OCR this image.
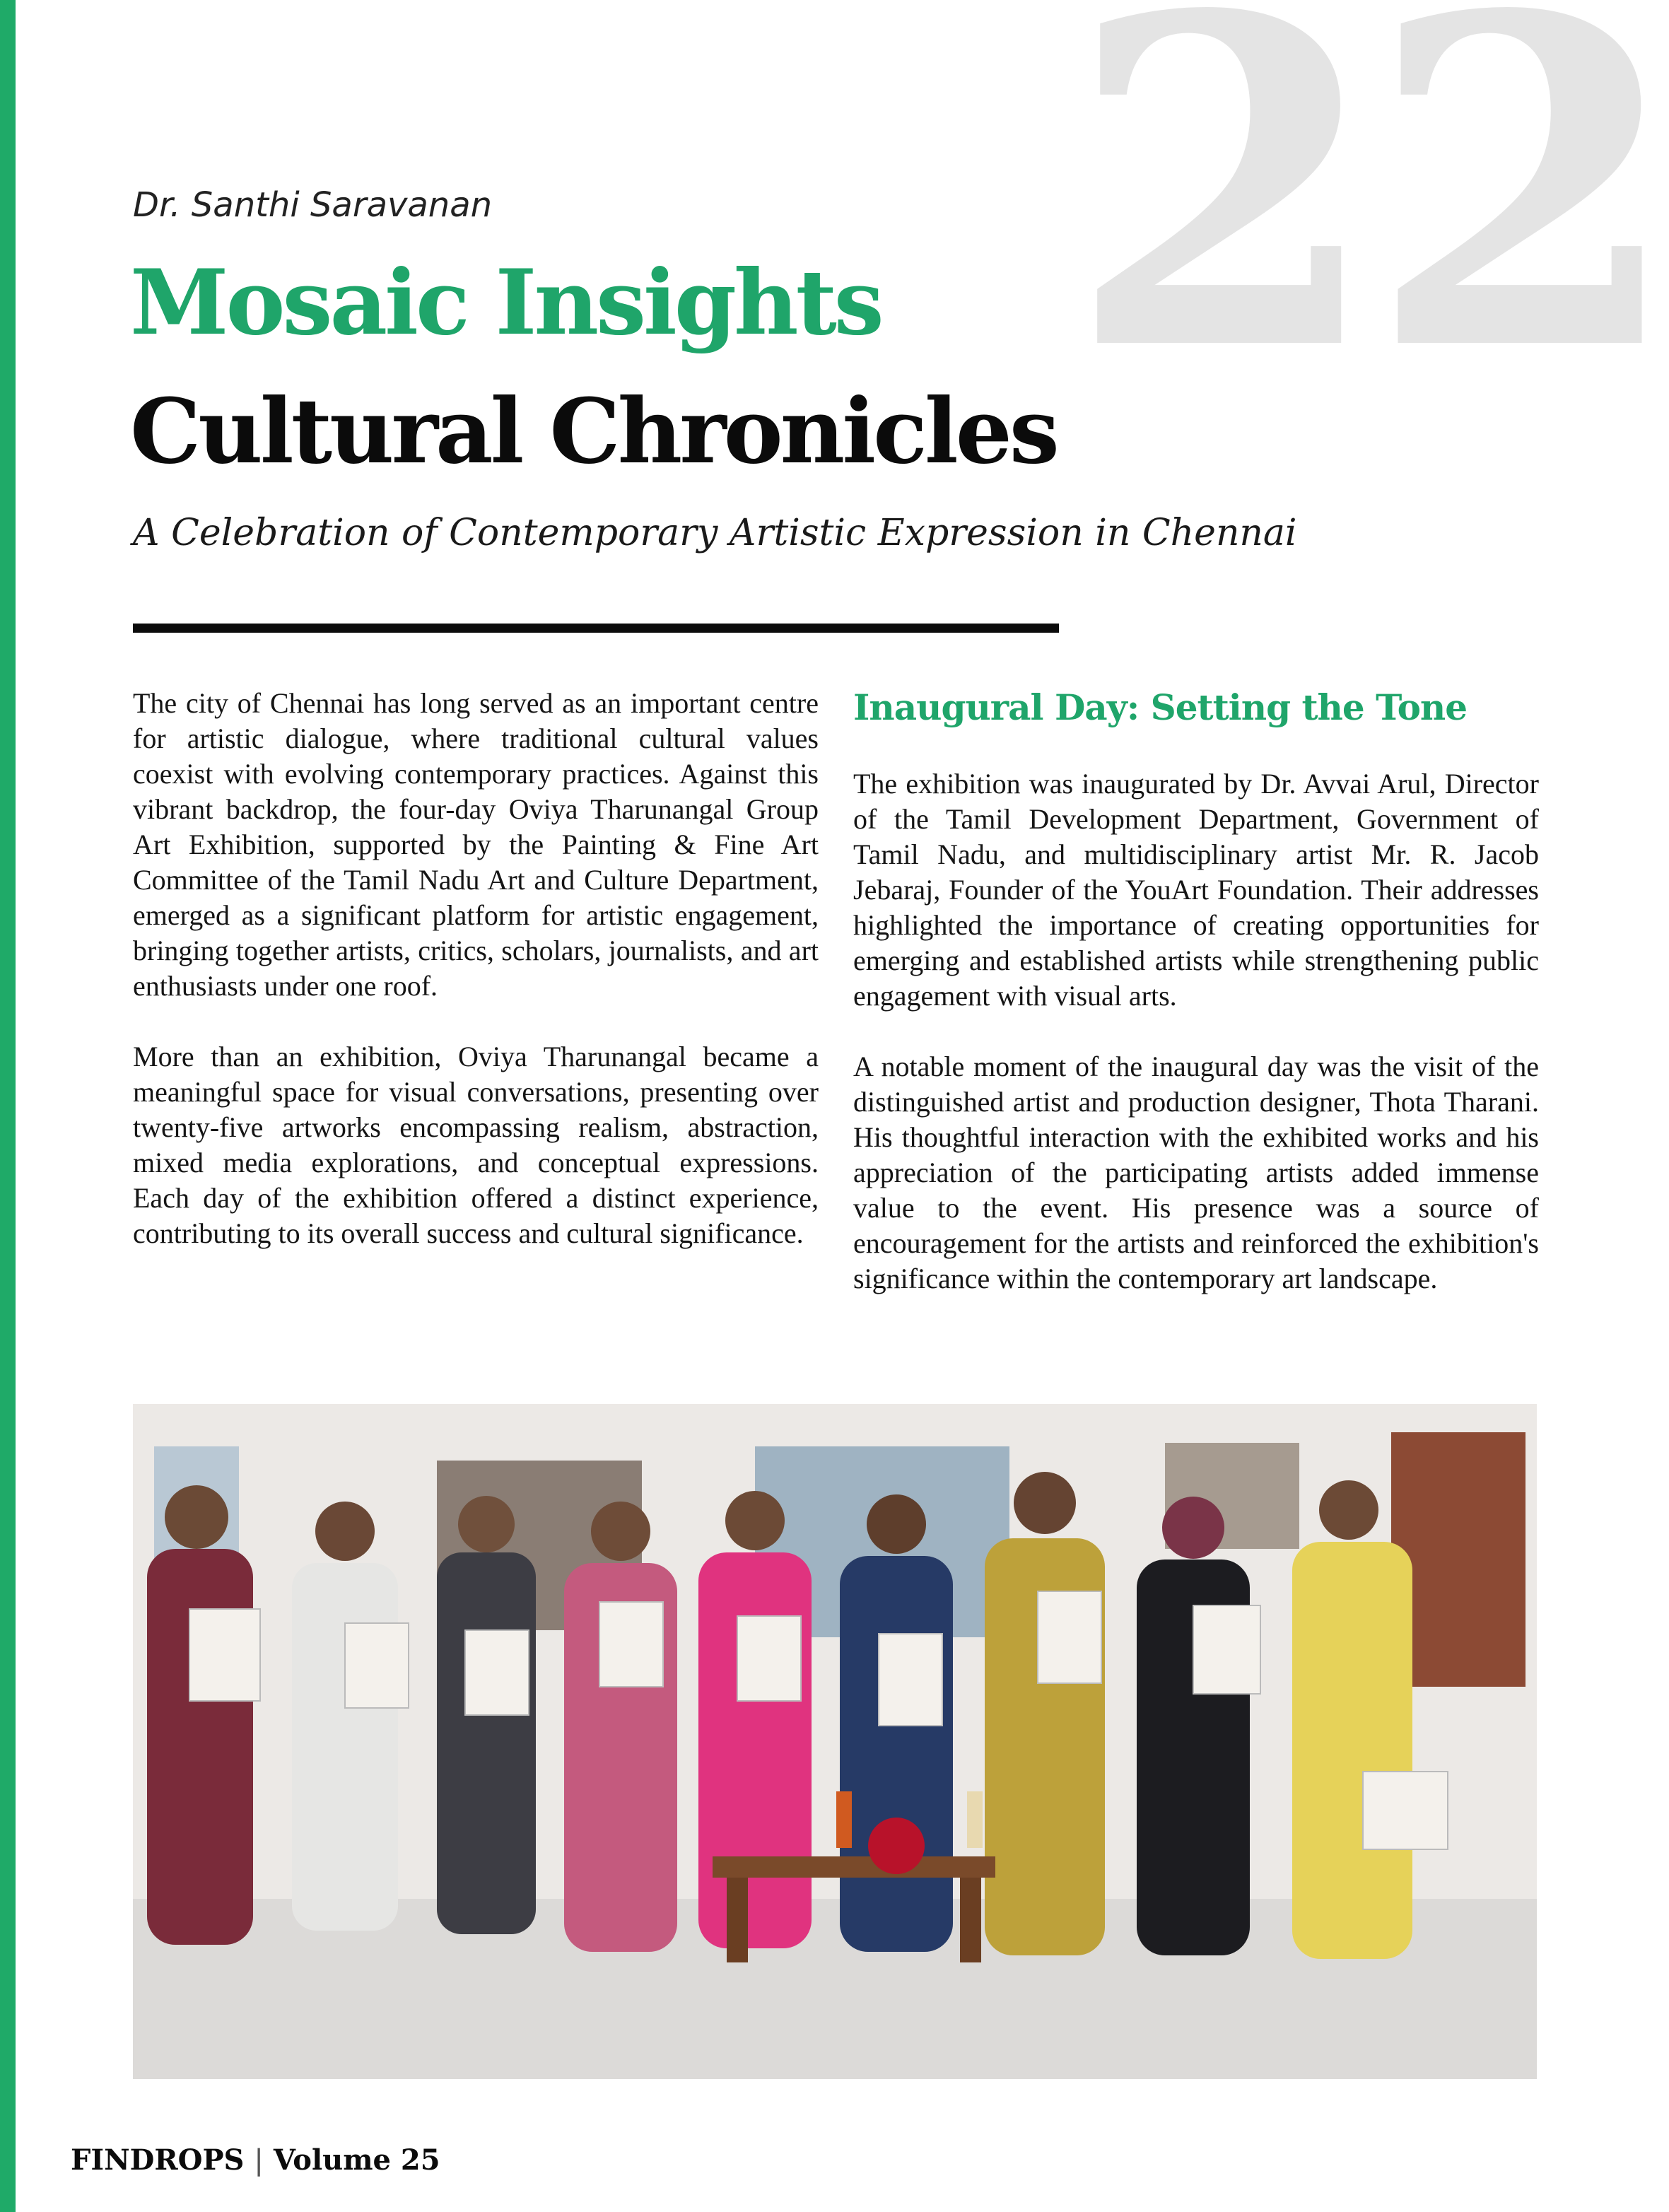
22
Dr. Santhi Saravanan
Mosaic Insights
Cultural Chronicles
A Celebration of Contemporary Artistic Expression in Chennai

The city of Chennai has long served as an important centre for artistic dialogue, where traditional cultural values coexist with evolving contemporary practices. Against this vibrant backdrop, the four-day Oviya Tharunangal Group Art Exhibition, supported by the Painting & Fine Art Committee of the Tamil Nadu Art and Culture Department, emerged as a significant platform for artistic engagement, bringing together artists, critics, scholars, journalists, and art enthusiasts under one roof.

More than an exhibition, Oviya Tharunangal became a meaningful space for visual conversations, presenting over twenty-five artworks encompassing realism, abstraction, mixed media explorations, and conceptual expressions. Each day of the exhibition offered a distinct experience, contributing to its overall success and cultural significance.

Inaugural Day: Setting the Tone

The exhibition was inaugurated by Dr. Avvai Arul, Director of the Tamil Development Department, Government of Tamil Nadu, and multidisciplinary artist Mr. R. Jacob Jebaraj, Founder of the YouArt Foundation. Their addresses highlighted the importance of creating opportunities for emerging and established artists while strengthening public engagement with visual arts.

A notable moment of the inaugural day was the visit of the distinguished artist and production designer, Thota Tharani. His thoughtful interaction with the exhibited works and his appreciation of the participating artists added immense value to the event. His presence was a source of encouragement for the artists and reinforced the exhibition's significance within the contemporary art landscape.

FINDROPS | Volume 25
